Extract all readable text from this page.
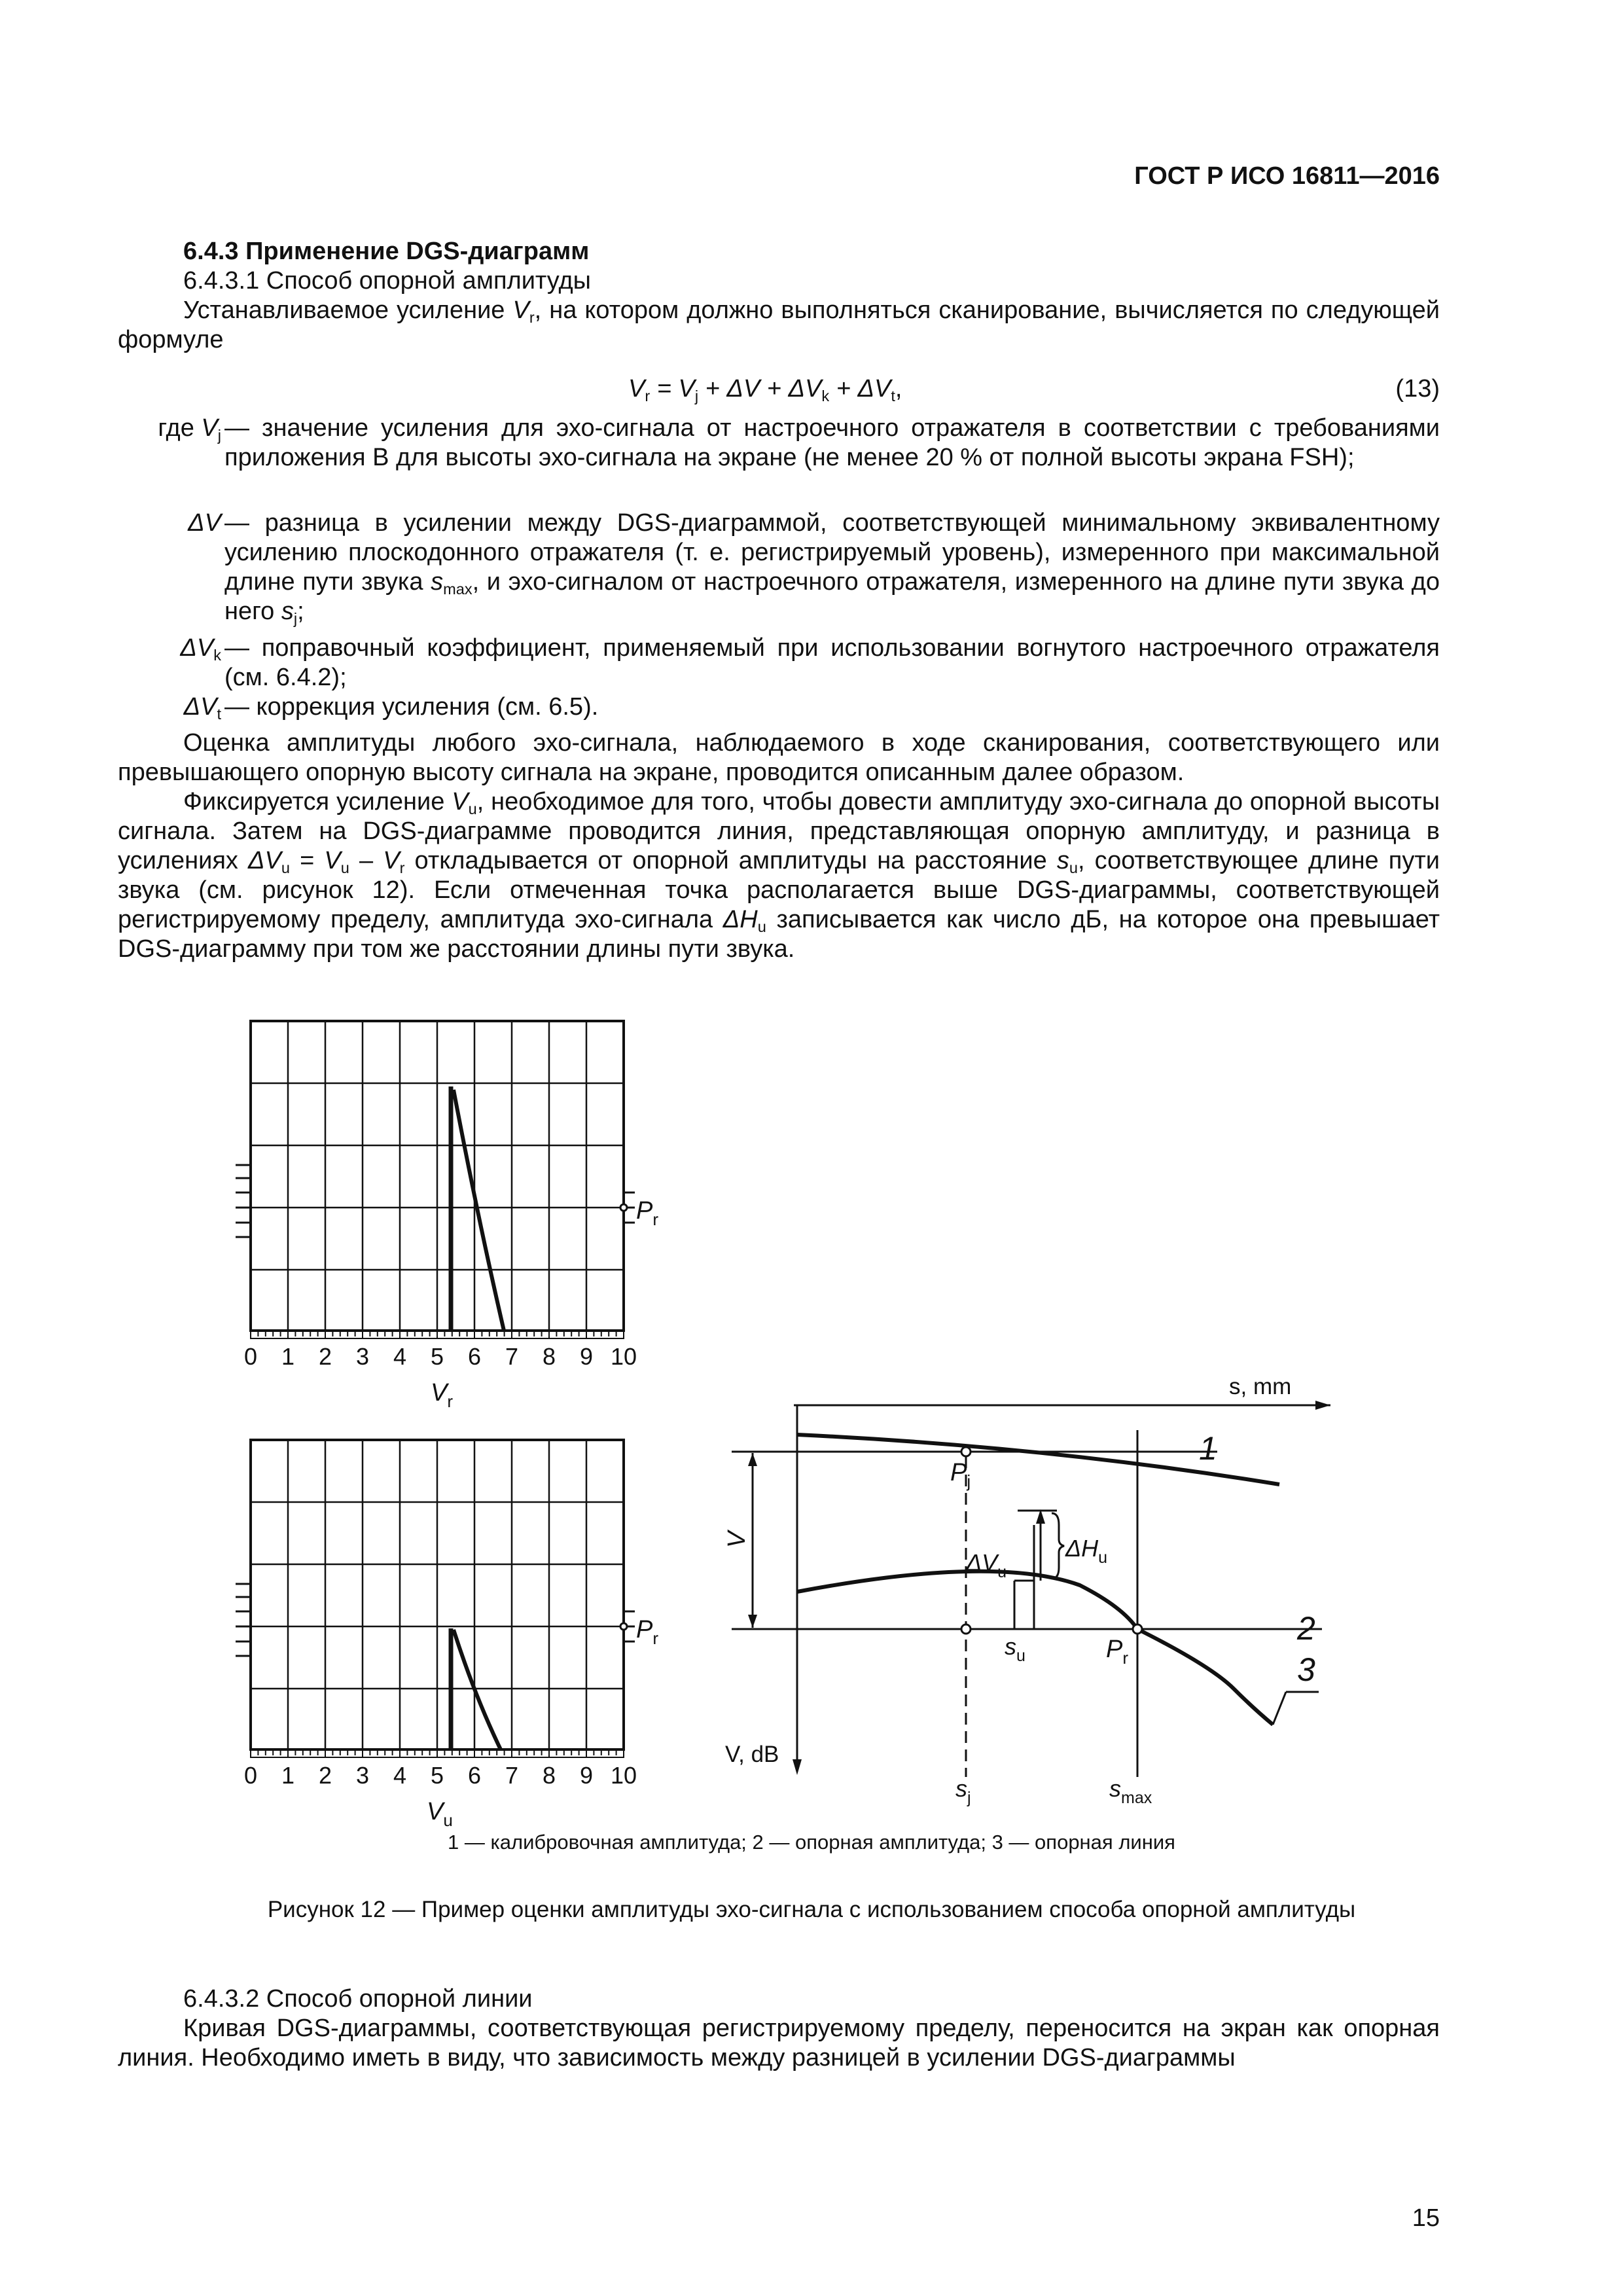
ГОСТ Р ИСО 16811—2016
6.4.3 Применение DGS-диаграмм
6.4.3.1 Способ опорной амплитуды
Устанавливаемое усиление $V_r$, на котором должно выполняться сканирование, вычисляется по следующей формуле
$V_r = V_j + \Delta V + \Delta V_k + \Delta V_t$,	(13)
где $V_j$ — значение усиления для эхо-сигнала от настроечного отражателя в соответствии с требованиями приложения В для высоты эхо-сигнала на экране (не менее 20 % от полной высоты экрана FSH);
ΔV — разница в усилении между DGS-диаграммой, соответствующей минимальному эквивалентному усилению плоскодонного отражателя (т. е. регистрируемый уровень), измеренного при максимальной длине пути звука $s_{max}$, и эхо-сигналом от настроечного отражателя, измеренного на длине пути звука до него $s_j$;
$\Delta V_k$ — поправочный коэффициент, применяемый при использовании вогнутого настроечного отражателя (см. 6.4.2);
$\Delta V_t$ — коррекция усиления (см. 6.5).
Оценка амплитуды любого эхо-сигнала, наблюдаемого в ходе сканирования, соответствующего или превышающего опорную высоту сигнала на экране, проводится описанным далее образом.
Фиксируется усиление $V_u$, необходимое для того, чтобы довести амплитуду эхо-сигнала до опорной высоты сигнала. Затем на DGS-диаграмме проводится линия, представляющая опорную амплитуду, и разница в усилениях $\Delta V_u = V_u - V_r$ откладывается от опорной амплитуды на расстояние $s_u$, соответствующее длине пути звука (см. рисунок 12). Если отмеченная точка располагается выше DGS-диаграммы, соответствующей регистрируемому пределу, амплитуда эхо-сигнала $\Delta H_u$ записывается как число дБ, на которое она превышает DGS-диаграмму при том же расстоянии длины пути звука.
0 1 2 3 4 5 6 7 8 9 10
0 1 2 3 4 5 6 7 8 9 10
$V_r$
$V_u$
$P_r$
$P_r$
s, mm
V, dB
V
$P_j$
$P_r$
$\Delta V_u$
$\Delta H_u$
$s_u$
$s_j$	$s_{max}$
1
2
3
1 — калибровочная амплитуда; 2 — опорная амплитуда; 3 — опорная линия
Рисунок 12 — Пример оценки амплитуды эхо-сигнала с использованием способа опорной амплитуды
6.4.3.2 Способ опорной линии
Кривая DGS-диаграммы, соответствующая регистрируемому пределу, переносится на экран как опорная линия. Необходимо иметь в виду, что зависимость между разницей в усилении DGS-диаграммы
15
